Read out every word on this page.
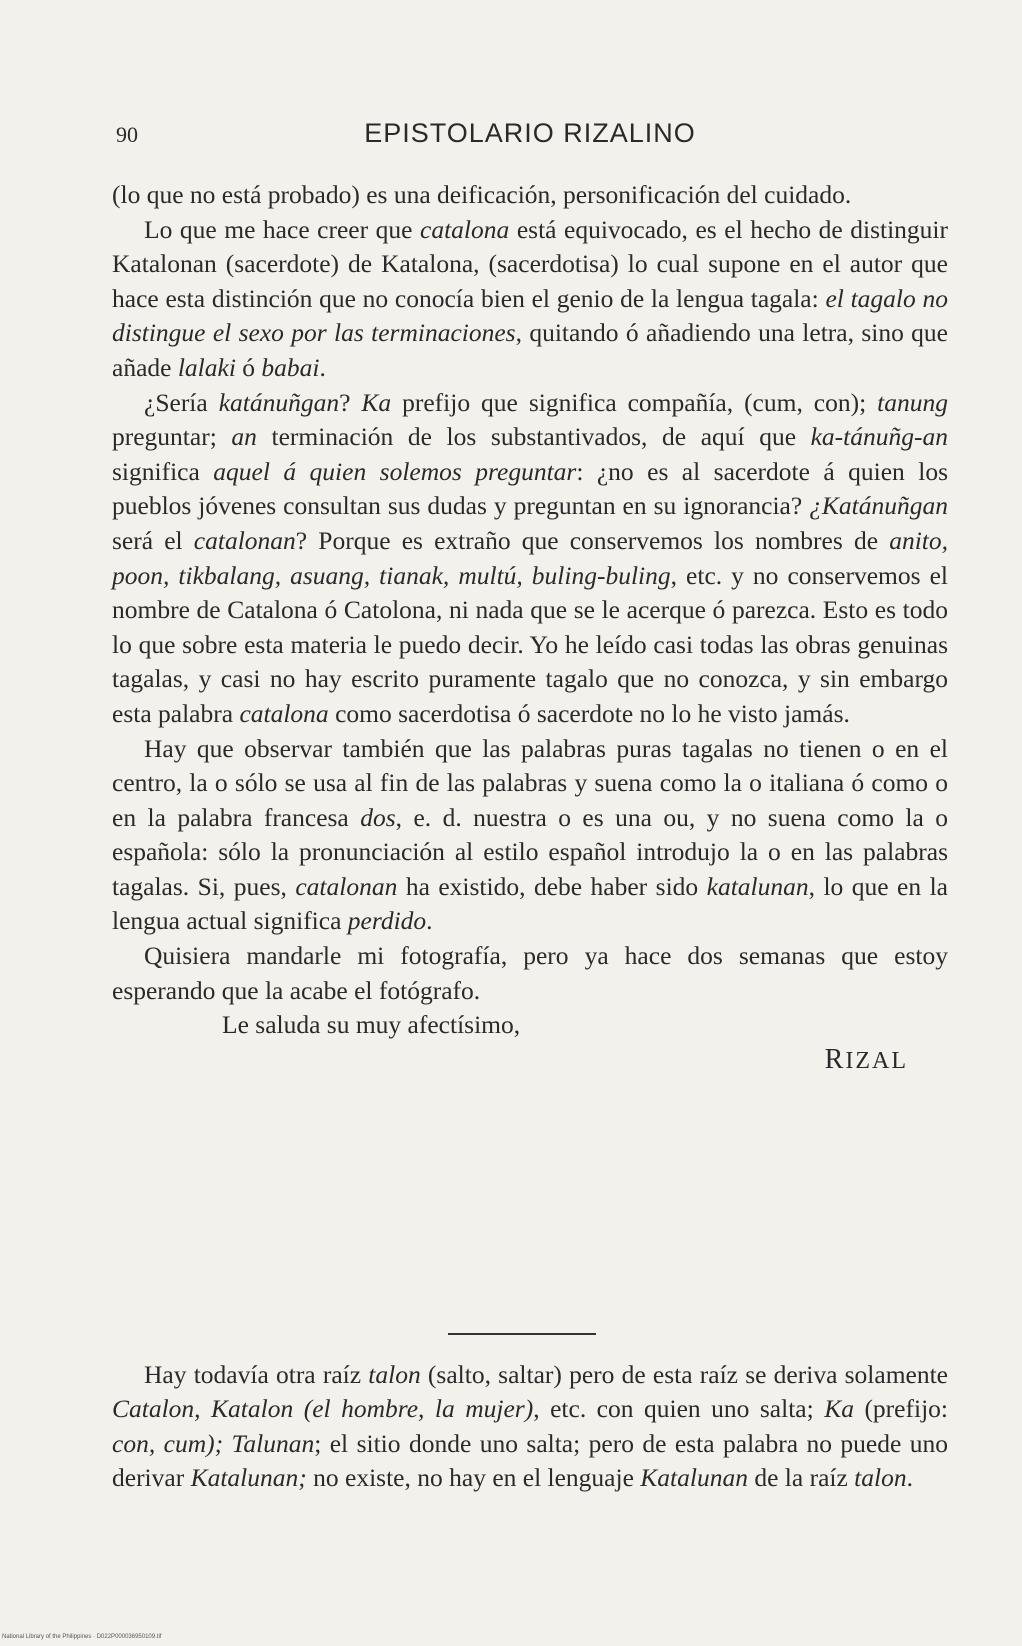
90	EPISTOLARIO RIZALINO

(lo que no está probado) es una deificación, personificación del cuidado.

Lo que me hace creer que catalona está equivocado, es el hecho de distinguir Katalonan (sacerdote) de Katalona, (sacerdotisa) lo cual supone en el autor que hace esta distinción que no conocía bien el genio de la lengua tagala: el tagalo no distingue el sexo por las terminaciones, quitando ó añadiendo una letra, sino que añade lalaki ó babai.

¿Sería katánuñgan? Ka prefijo que significa compañía, (cum, con); tanung preguntar; an terminación de los substantivados, de aquí que ka-tánuñg-an significa aquel á quien solemos preguntar: ¿no es al sacerdote á quien los pueblos jóvenes consultan sus dudas y preguntan en su ignorancia? ¿Katánuñgan será el catalonan? Porque es extraño que conservemos los nombres de anito, poon, tikbalang, asuang, tianak, multú, buling-buling, etc. y no conservemos el nombre de Catalona ó Catolona, ni nada que se le acerque ó parezca. Esto es todo lo que sobre esta materia le puedo decir. Yo he leído casi todas las obras genuinas tagalas, y casi no hay escrito puramente tagalo que no conozca, y sin embargo esta palabra catalona como sacerdotisa ó sacerdote no lo he visto jamás.

Hay que observar también que las palabras puras tagalas no tienen o en el centro, la o sólo se usa al fin de las palabras y suena como la o italiana ó como o en la palabra francesa dos, e. d. nuestra o es una ou, y no suena como la o española: sólo la pronunciación al estilo español introdujo la o en las palabras tagalas. Si, pues, catalonan ha existido, debe haber sido katalunan, lo que en la lengua actual significa perdido.

Quisiera mandarle mi fotografía, pero ya hace dos semanas que estoy esperando que la acabe el fotógrafo.

Le saluda su muy afectísimo,

RIZAL

Hay todavía otra raíz talon (salto, saltar) pero de esta raíz se deriva solamente Catalon, Katalon (el hombre, la mujer), etc. con quien uno salta; Ka (prefijo: con, cum); Talunan; el sitio donde uno salta; pero de esta palabra no puede uno derivar Katalunan; no existe, no hay en el lenguaje Katalunan de la raíz talon.

National Library of the Philippines · D022P000036950109.tif
